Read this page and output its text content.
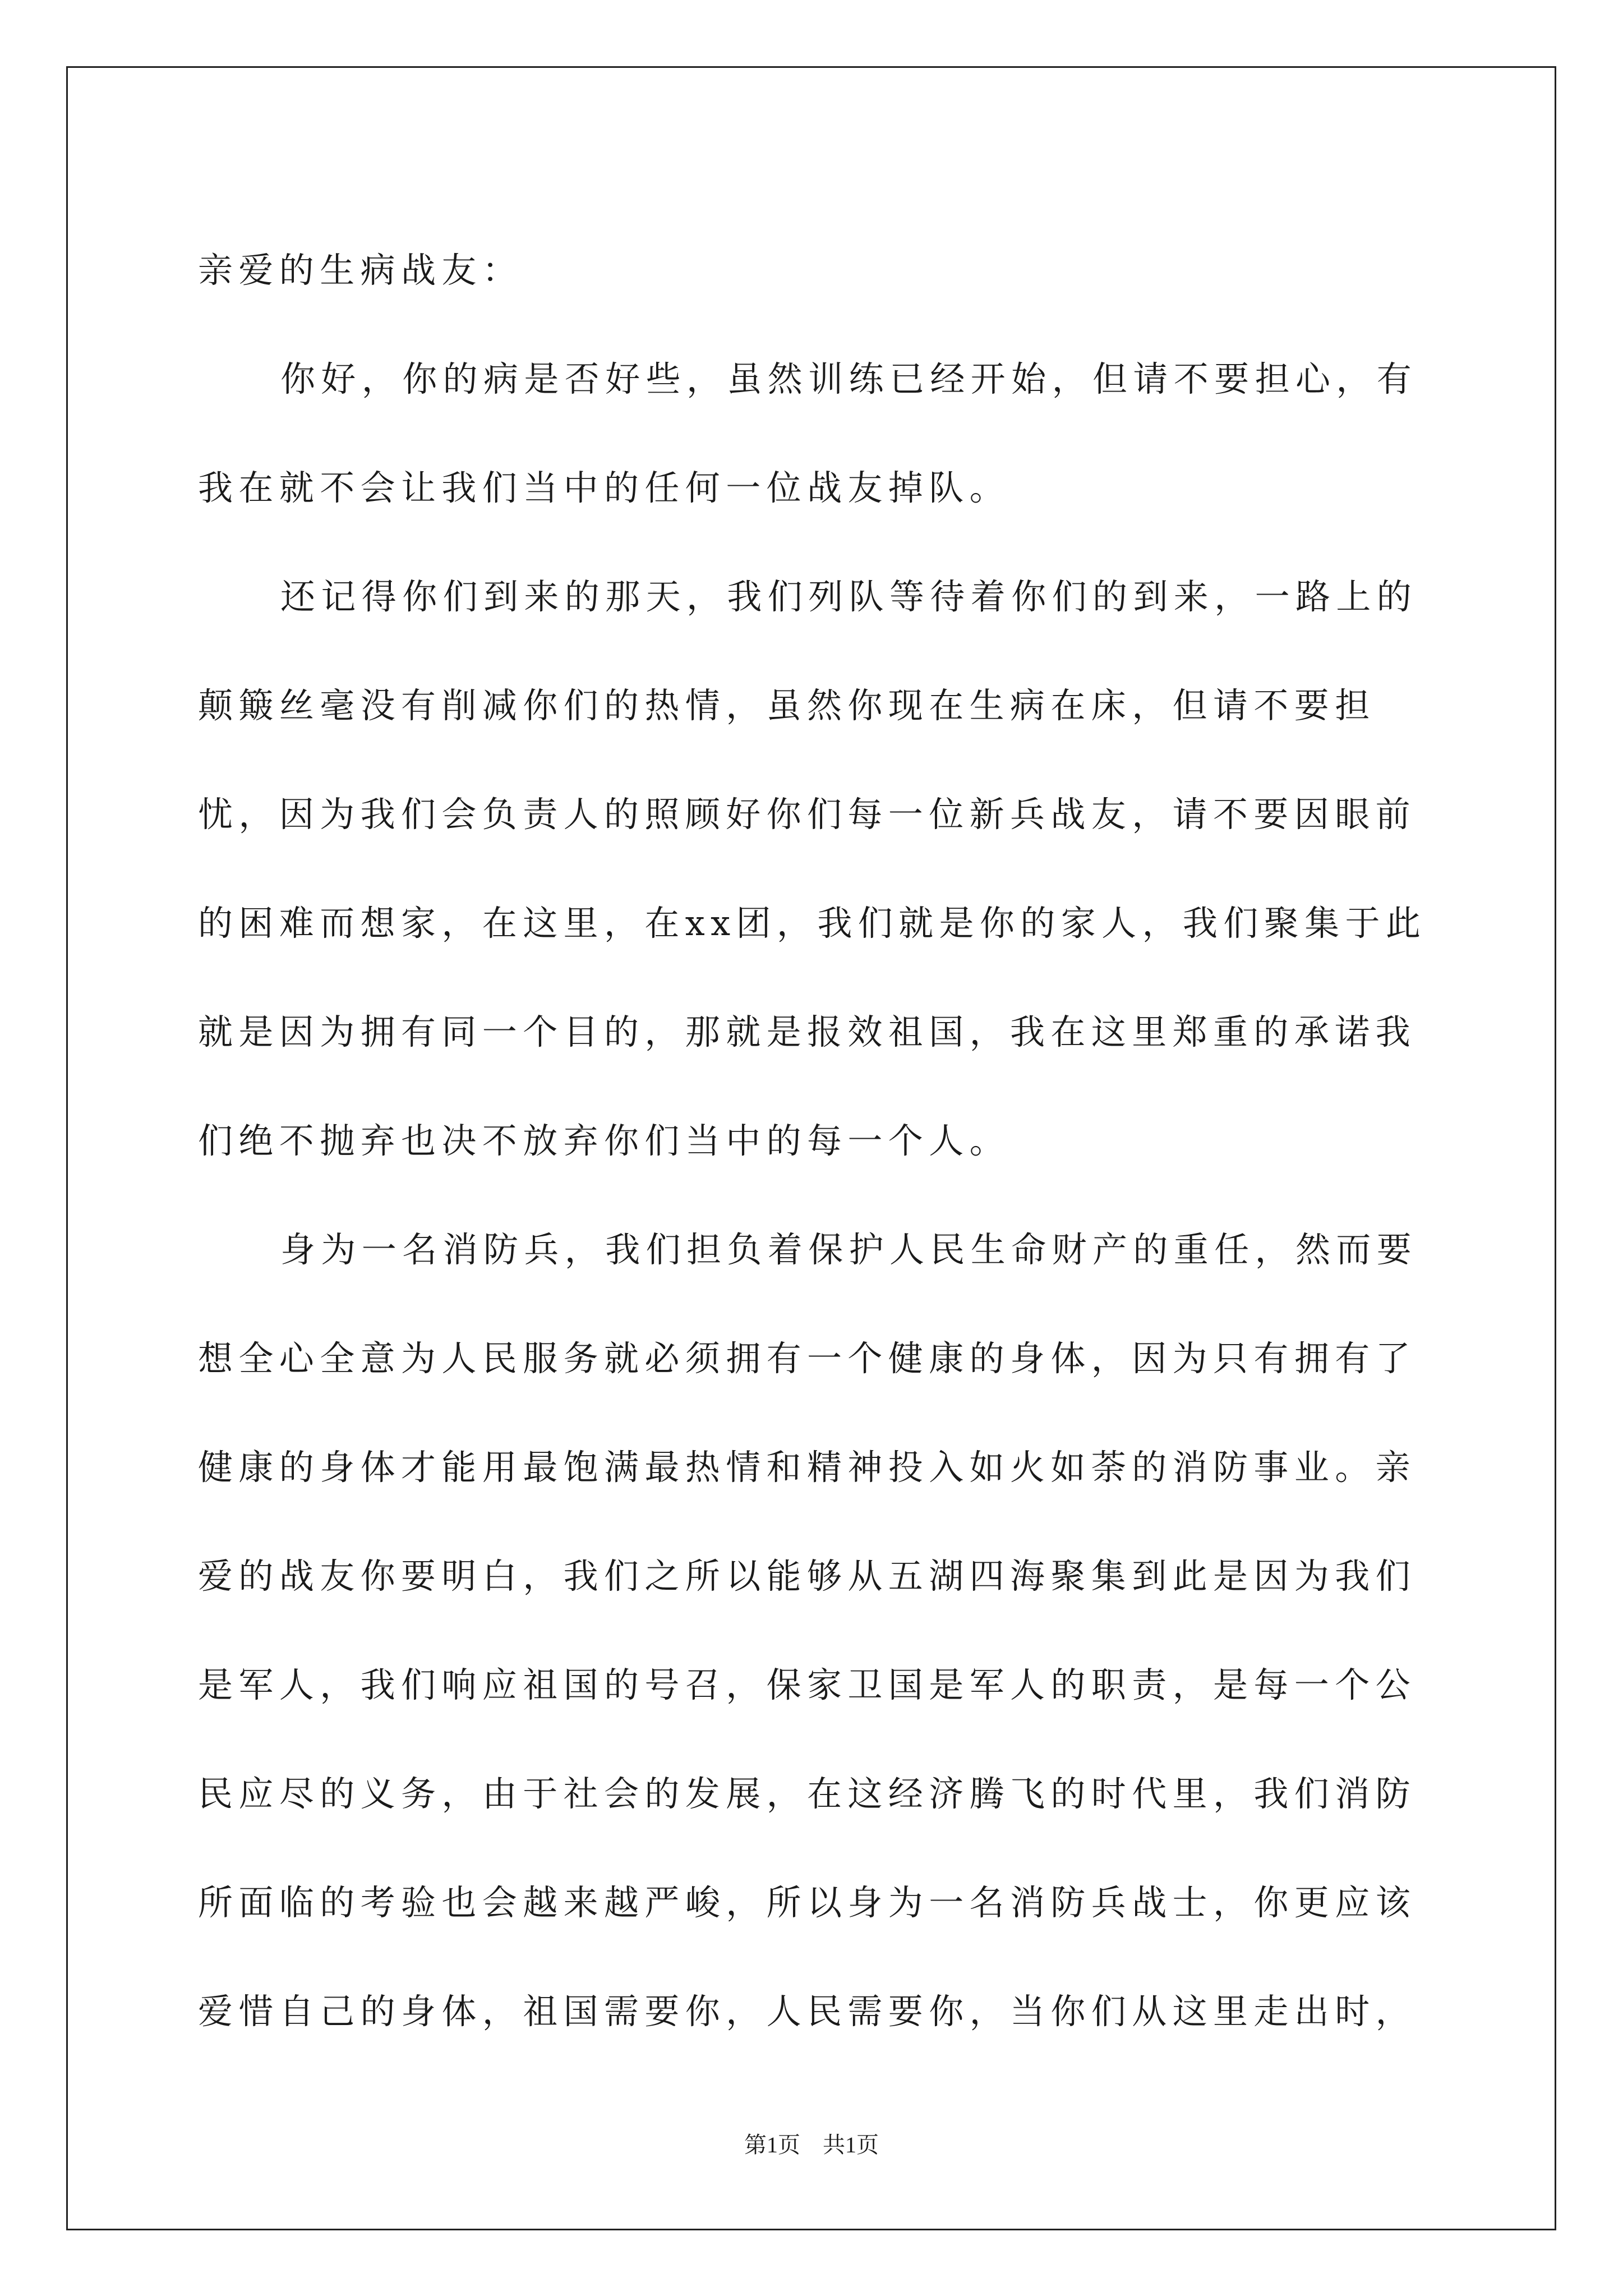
亲爱的生病战友：

你好，你的病是否好些，虽然训练已经开始，但请不要担心，有我在就不会让我们当中的任何一位战友掉队。

还记得你们到来的那天，我们列队等待着你们的到来，一路上的颠簸丝毫没有削减你们的热情，虽然你现在生病在床，但请不要担忧，因为我们会负责人的照顾好你们每一位新兵战友，请不要因眼前的困难而想家，在这里，在xx团，我们就是你的家人，我们聚集于此就是因为拥有同一个目的，那就是报效祖国，我在这里郑重的承诺我们绝不抛弃也决不放弃你们当中的每一个人。

身为一名消防兵，我们担负着保护人民生命财产的重任，然而要想全心全意为人民服务就必须拥有一个健康的身体，因为只有拥有了健康的身体才能用最饱满最热情和精神投入如火如荼的消防事业。亲爱的战友你要明白，我们之所以能够从五湖四海聚集到此是因为我们是军人，我们响应祖国的号召，保家卫国是军人的职责，是每一个公民应尽的义务，由于社会的发展，在这经济腾飞的时代里，我们消防所面临的考验也会越来越严峻，所以身为一名消防兵战士，你更应该爱惜自己的身体，祖国需要你，人民需要你，当你们从这里走出时，

第1页　共1页
